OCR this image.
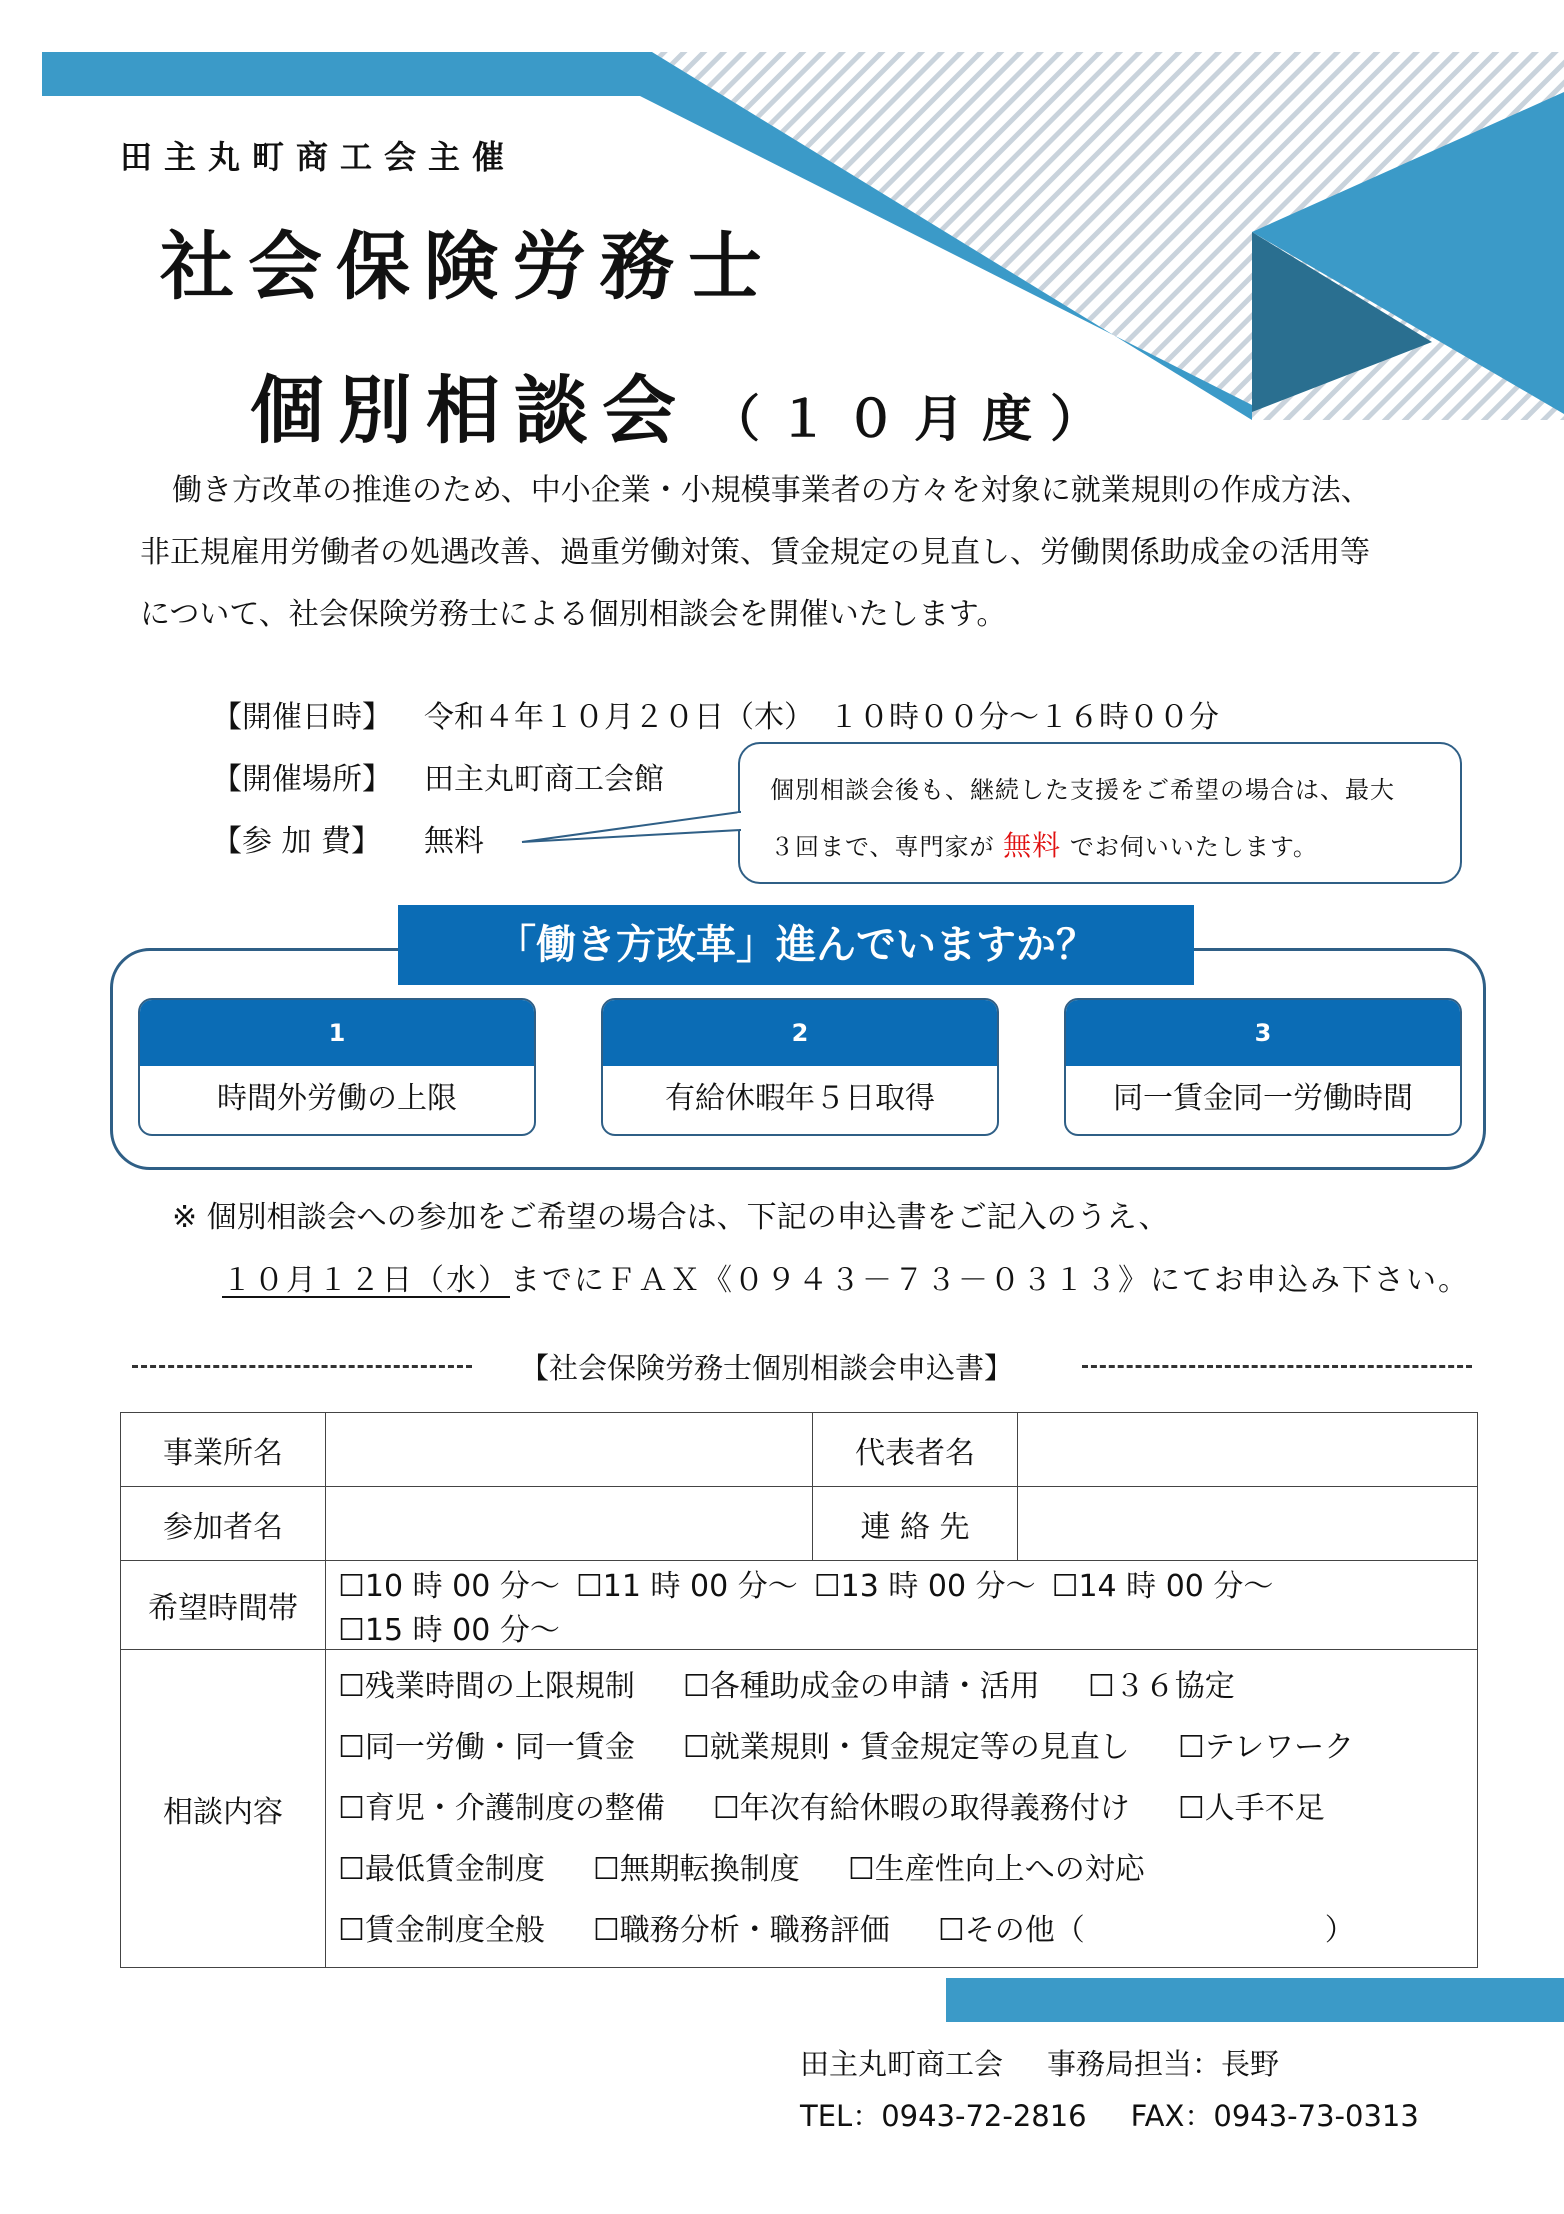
田主丸町商工会主催
社会保険労務士
個別相談会 （１０月度）

働き方改革の推進のため、中小企業・小規模事業者の方々を対象に就業規則の作成方法、

非正規雇用労働者の処遇改善、過重労働対策、賃金規定の見直し、労働関係助成金の活用等

について、社会保険労務士による個別相談会を開催いたします。

【開催日時】 令和４年１０月２０日（木）　１０時００分～１６時００分
【開催場所】 田主丸町商工会館
【参 加 費】 無料
個別相談会後も、継続した支援をご希望の場合は、最大
３回まで、専門家が 無料 でお伺いいたします。
「働き方改革」進んでいますか？
1
時間外労働の上限
2
有給休暇年５日取得
3
同一賃金同一労働時間
※ 個別相談会への参加をご希望の場合は、下記の申込書をご記入のうえ、
１０月１２日（水）までにＦＡＸ《０９４３－７３－０３１３》にてお申込み下さい。
【社会保険労務士個別相談会申込書】
事業所名		代表者名	
参加者名		連 絡 先	
希望時間帯	☐10 時 00 分～ ☐11 時 00 分～ ☐13 時 00 分～ ☐14 時 00 分～☐15 時 00 分～		
相談内容	☐残業時間の上限規制 ☐各種助成金の申請・活用 ☐３６協定
☐同一労働・同一賃金 ☐就業規則・賃金規定等の見直し ☐テレワーク
☐育児・介護制度の整備 ☐年次有給休暇の取得義務付け ☐人手不足
☐最低賃金制度 ☐無期転換制度 ☐生産性向上への対応
☐賃金制度全般 ☐職務分析・職務評価 ☐その他（　　　　　　　　）		
田主丸町商工会 事務局担当：長野
TEL：0943-72-2816 FAX：0943-73-0313
